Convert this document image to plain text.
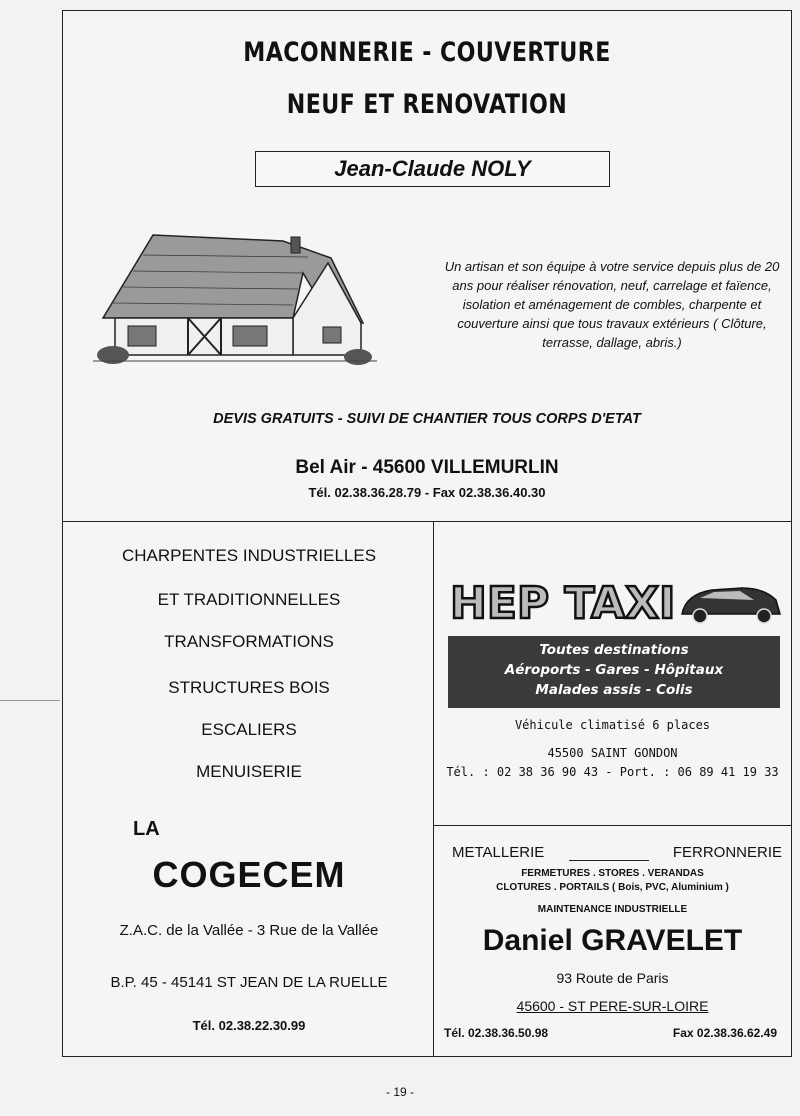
MACONNERIE - COUVERTURE
NEUF ET RENOVATION
Jean-Claude NOLY
Un artisan et son équipe à votre service depuis plus de 20 ans pour réaliser rénovation, neuf, carrelage et faïence, isolation et aménagement de combles, charpente et couverture ainsi que tous travaux extérieurs ( Clôture, terrasse, dallage, abris.)
DEVIS GRATUITS - SUIVI DE CHANTIER TOUS CORPS D'ETAT
Bel Air - 45600 VILLEMURLIN
Tél. 02.38.36.28.79 - Fax 02.38.36.40.30
CHARPENTES INDUSTRIELLES
ET TRADITIONNELLES
TRANSFORMATIONS
STRUCTURES BOIS
ESCALIERS
MENUISERIE
LA
COGECEM
Z.A.C. de la Vallée - 3 Rue de la Vallée
B.P. 45 - 45141 ST JEAN DE LA RUELLE
Tél. 02.38.22.30.99
HEP TAXI
Toutes destinations
Aéroports - Gares - Hôpitaux
Malades assis - Colis
Véhicule climatisé 6 places
45500 SAINT GONDON
Tél. : 02 38 36 90 43 - Port. : 06 89 41 19 33
METALLERIE	FERRONNERIE
FERMETURES . STORES . VERANDAS
CLOTURES . PORTAILS ( Bois, PVC, Aluminium )
MAINTENANCE INDUSTRIELLE
Daniel GRAVELET
93 Route de Paris
45600 - ST PERE-SUR-LOIRE
Tél. 02.38.36.50.98	Fax 02.38.36.62.49
- 19 -
